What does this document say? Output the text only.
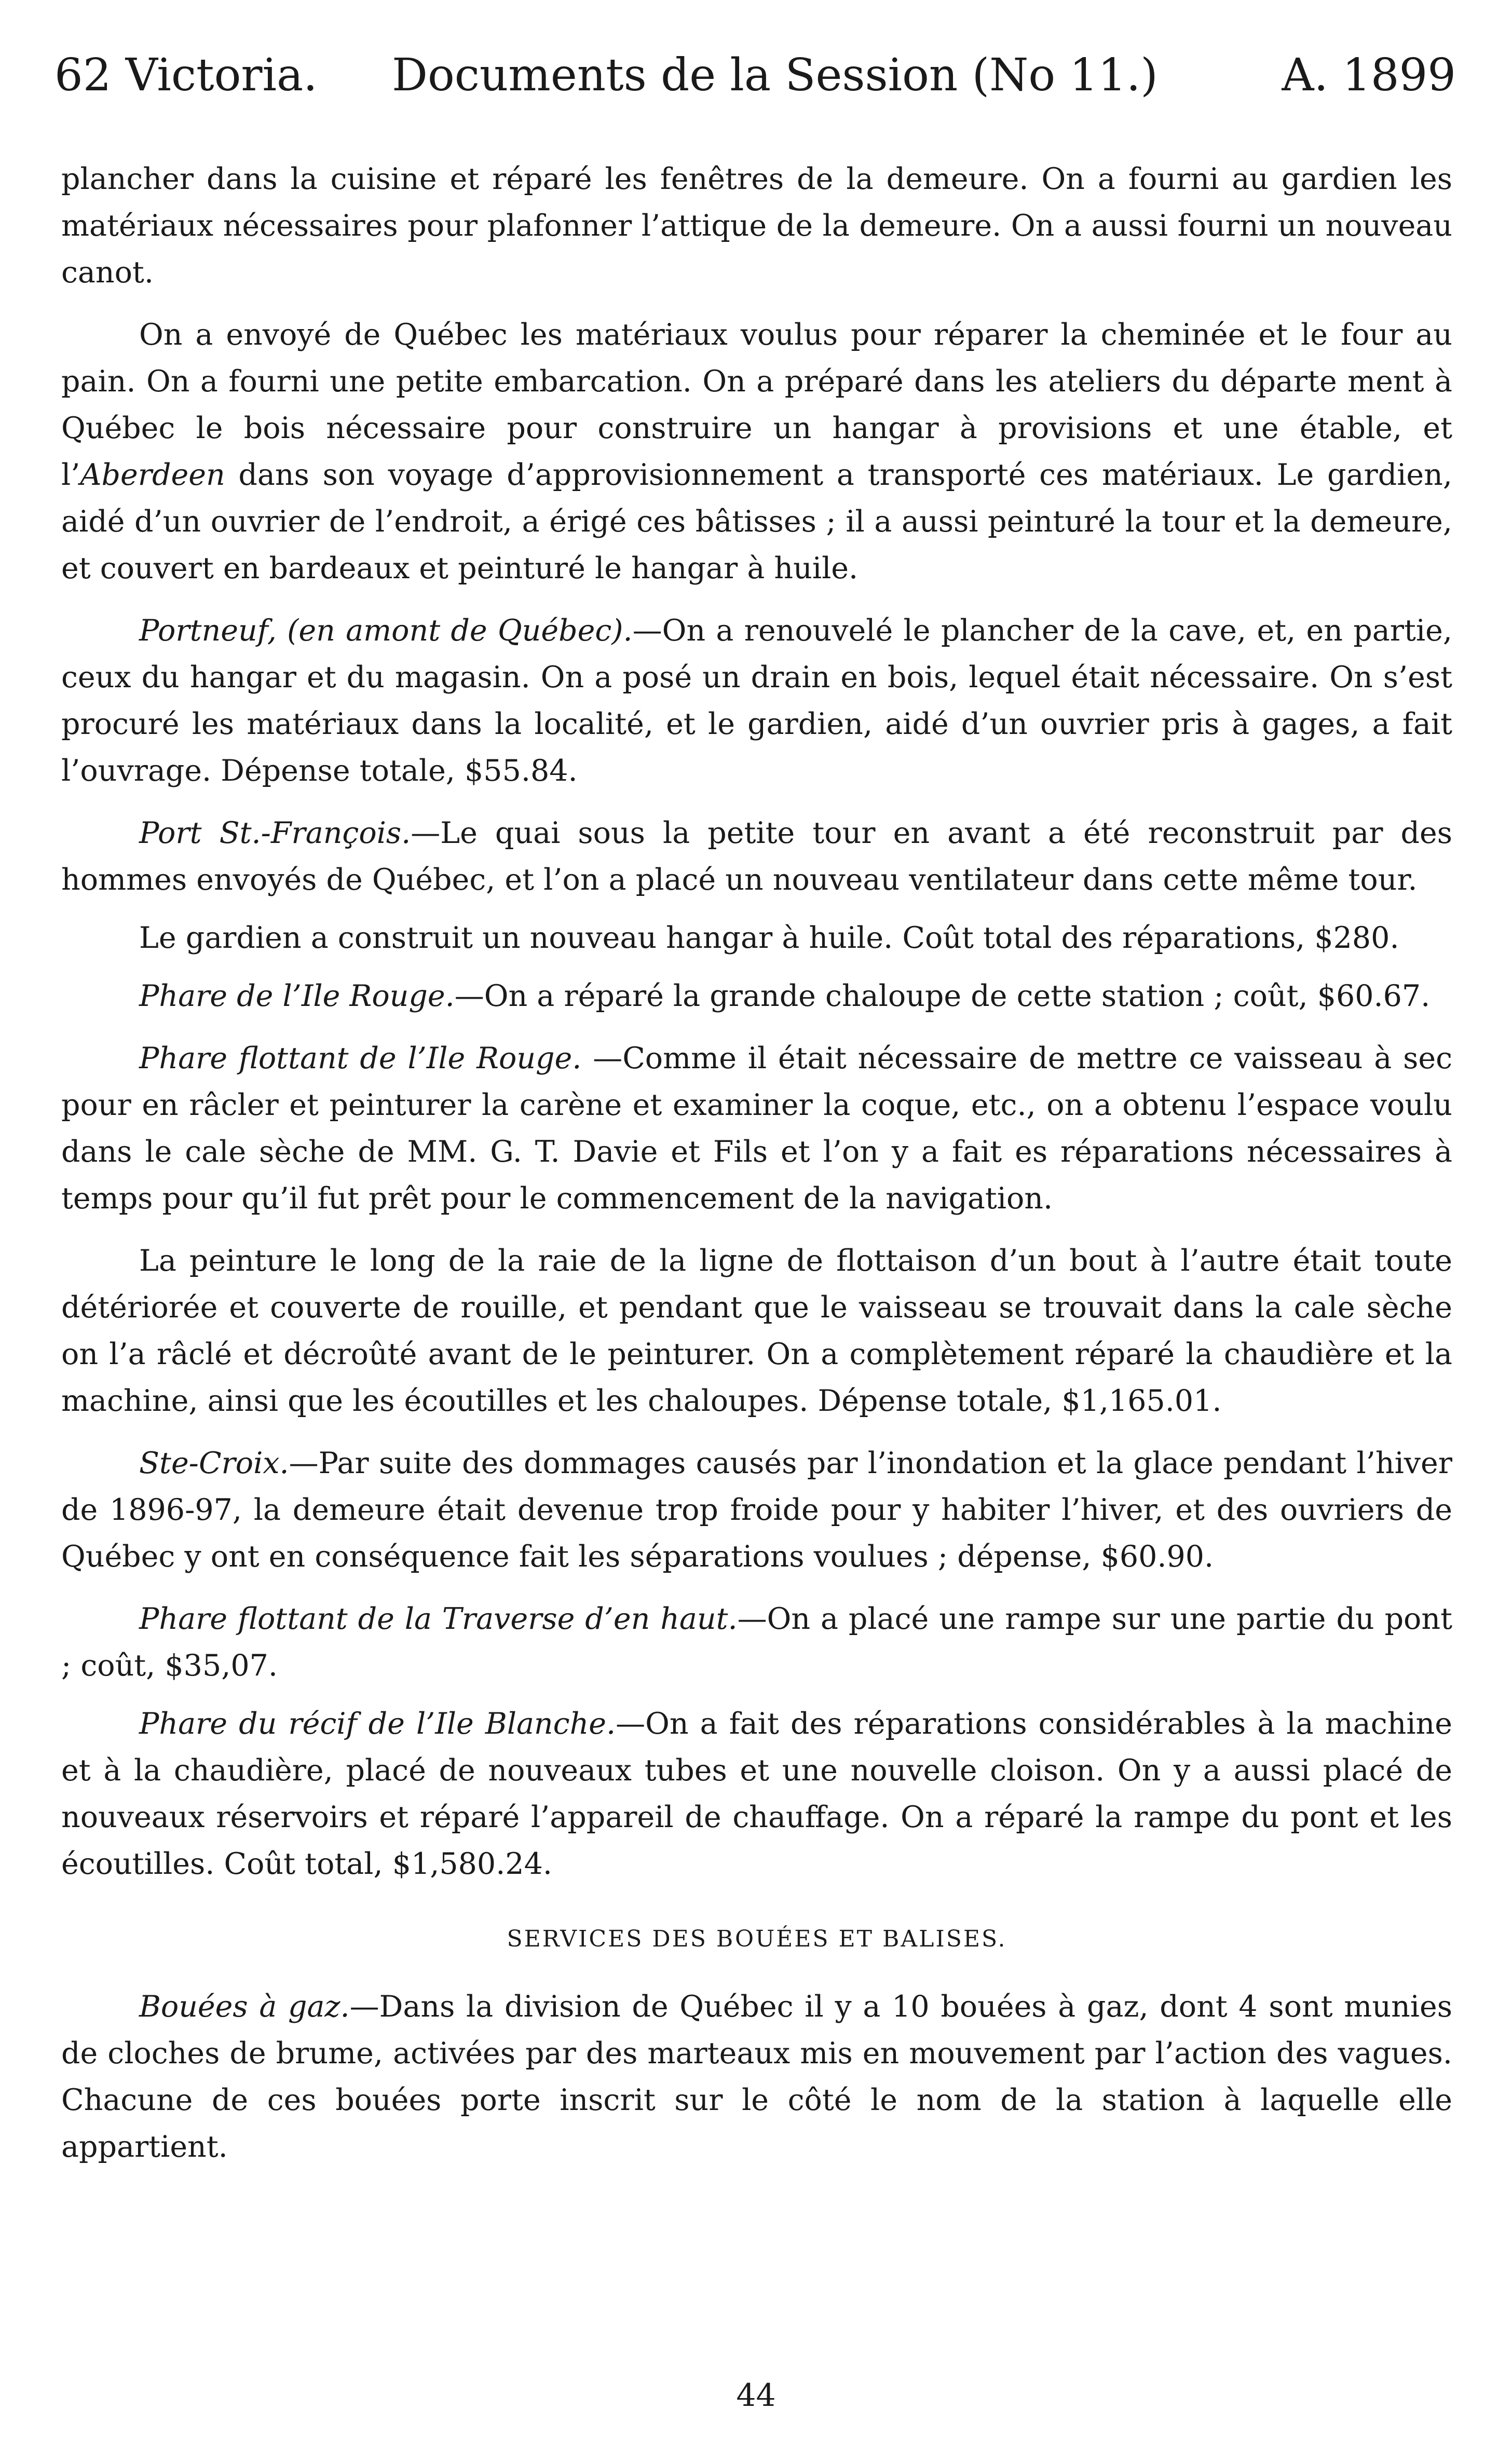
62 Victoria. Documents de la Session (No 11.)	A. 1899

plancher dans la cuisine et réparé les fenêtres de la demeure. On a fourni au gardien les matériaux nécessaires pour plafonner l’attique de la demeure. On a aussi fourni un nouveau canot.

On a envoyé de Québec les matériaux voulus pour réparer la cheminée et le four au pain. On a fourni une petite embarcation. On a préparé dans les ateliers du départe ment à Québec le bois nécessaire pour construire un hangar à provisions et une étable, et l’Aberdeen dans son voyage d’approvisionnement a transporté ces matériaux. Le gardien, aidé d’un ouvrier de l’endroit, a érigé ces bâtisses ; il a aussi peinturé la tour et la demeure, et couvert en bardeaux et peinturé le hangar à huile.

Portneuf, (en amont de Québec).—On a renouvelé le plancher de la cave, et, en partie, ceux du hangar et du magasin. On a posé un drain en bois, lequel était nécessaire. On s’est procuré les matériaux dans la localité, et le gardien, aidé d’un ouvrier pris à gages, a fait l’ouvrage. Dépense totale, $55.84.

Port St.-François.—Le quai sous la petite tour en avant a été reconstruit par des hommes envoyés de Québec, et l’on a placé un nouveau ventilateur dans cette même tour.

Le gardien a construit un nouveau hangar à huile. Coût total des réparations, $280.

Phare de l’Ile Rouge.—On a réparé la grande chaloupe de cette station ; coût, $60.67.

Phare flottant de l’Ile Rouge. —Comme il était nécessaire de mettre ce vaisseau à sec pour en râcler et peinturer la carène et examiner la coque, etc., on a obtenu l’espace voulu dans le cale sèche de MM. G. T. Davie et Fils et l’on y a fait es réparations nécessaires à temps pour qu’il fut prêt pour le commencement de la navigation.

La peinture le long de la raie de la ligne de flottaison d’un bout à l’autre était toute détériorée et couverte de rouille, et pendant que le vaisseau se trouvait dans la cale sèche on l’a râclé et décroûté avant de le peinturer. On a complètement réparé la chaudière et la machine, ainsi que les écoutilles et les chaloupes. Dépense totale, $1,165.01.

Ste-Croix.—Par suite des dommages causés par l’inondation et la glace pendant l’hiver de 1896-97, la demeure était devenue trop froide pour y habiter l’hiver, et des ouvriers de Québec y ont en conséquence fait les séparations voulues ; dépense, $60.90.

Phare flottant de la Traverse d’en haut.—On a placé une rampe sur une partie du pont ; coût, $35,07.

Phare du récif de l’Ile Blanche.—On a fait des réparations considérables à la machine et à la chaudière, placé de nouveaux tubes et une nouvelle cloison. On y a aussi placé de nouveaux réservoirs et réparé l’appareil de chauffage. On a réparé la rampe du pont et les écoutilles. Coût total, $1,580.24.

SERVICES DES BOUÉES ET BALISES.

Bouées à gaz.—Dans la division de Québec il y a 10 bouées à gaz, dont 4 sont munies de cloches de brume, activées par des marteaux mis en mouvement par l’action des vagues. Chacune de ces bouées porte inscrit sur le côté le nom de la station à laquelle elle appartient.

44
